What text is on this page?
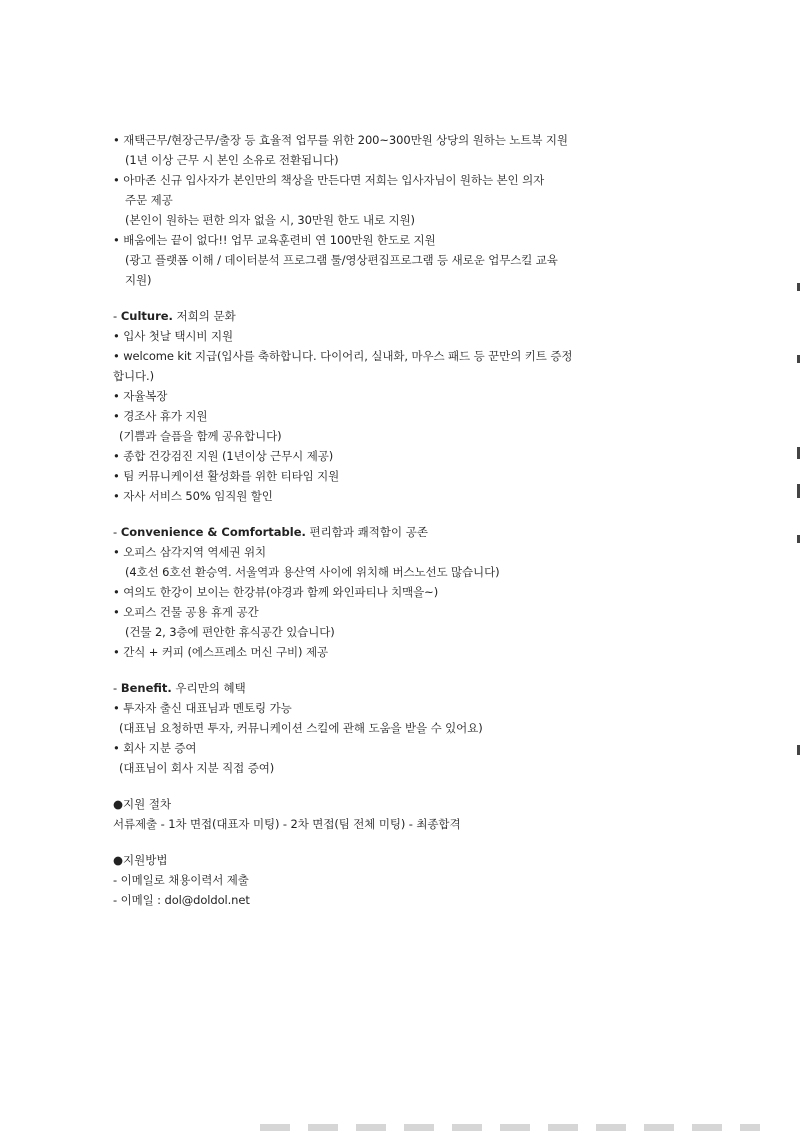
• 재택근무/현장근무/출장 등 효율적 업무를 위한 200~300만원 상당의 원하는 노트북 지원
(1년 이상 근무 시 본인 소유로 전환됩니다)
• 아마존 신규 입사자가 본인만의 책상을 만든다면 저희는 입사자님이 원하는 본인 의자
주문 제공
(본인이 원하는 편한 의자 없을 시, 30만원 한도 내로 지원)
• 배움에는 끝이 없다!! 업무 교육훈련비 연 100만원 한도로 지원
(광고 플랫폼 이해 / 데이터분석 프로그램 툴/영상편집프로그램 등 새로운 업무스킬 교육
지원)
- Culture. 저희의 문화
• 입사 첫날 택시비 지원
• welcome kit 지급(입사를 축하합니다. 다이어리, 실내화, 마우스 패드 등 꾼만의 키트 증정
합니다.)
• 자율복장
• 경조사 휴가 지원
(기쁨과 슬픔을 함께 공유합니다)
• 종합 건강검진 지원 (1년이상 근무시 제공)
• 팀 커뮤니케이션 활성화를 위한 티타임 지원
• 자사 서비스 50% 임직원 할인
- Convenience & Comfortable. 편리함과 쾌적함이 공존
• 오피스 삼각지역 역세권 위치
(4호선 6호선 환승역. 서울역과 용산역 사이에 위치해 버스노선도 많습니다)
• 여의도 한강이 보이는 한강뷰(야경과 함께 와인파티나 치맥을~)
• 오피스 건물 공용 휴게 공간
(건물 2, 3층에 편안한 휴식공간 있습니다)
• 간식 + 커피 (에스프레소 머신 구비) 제공
- Benefit. 우리만의 혜택
• 투자자 출신 대표님과 멘토링 가능
(대표님 요청하면 투자, 커뮤니케이션 스킬에 관해 도움을 받을 수 있어요)
• 회사 지분 증여
(대표님이 회사 지분 직접 증여)
●지원 절차
서류제출 - 1차 면접(대표자 미팅) - 2차 면접(팀 전체 미팅) - 최종합격
●지원방법
- 이메일로 채용이력서 제출
- 이메일 : dol@doldol.net
